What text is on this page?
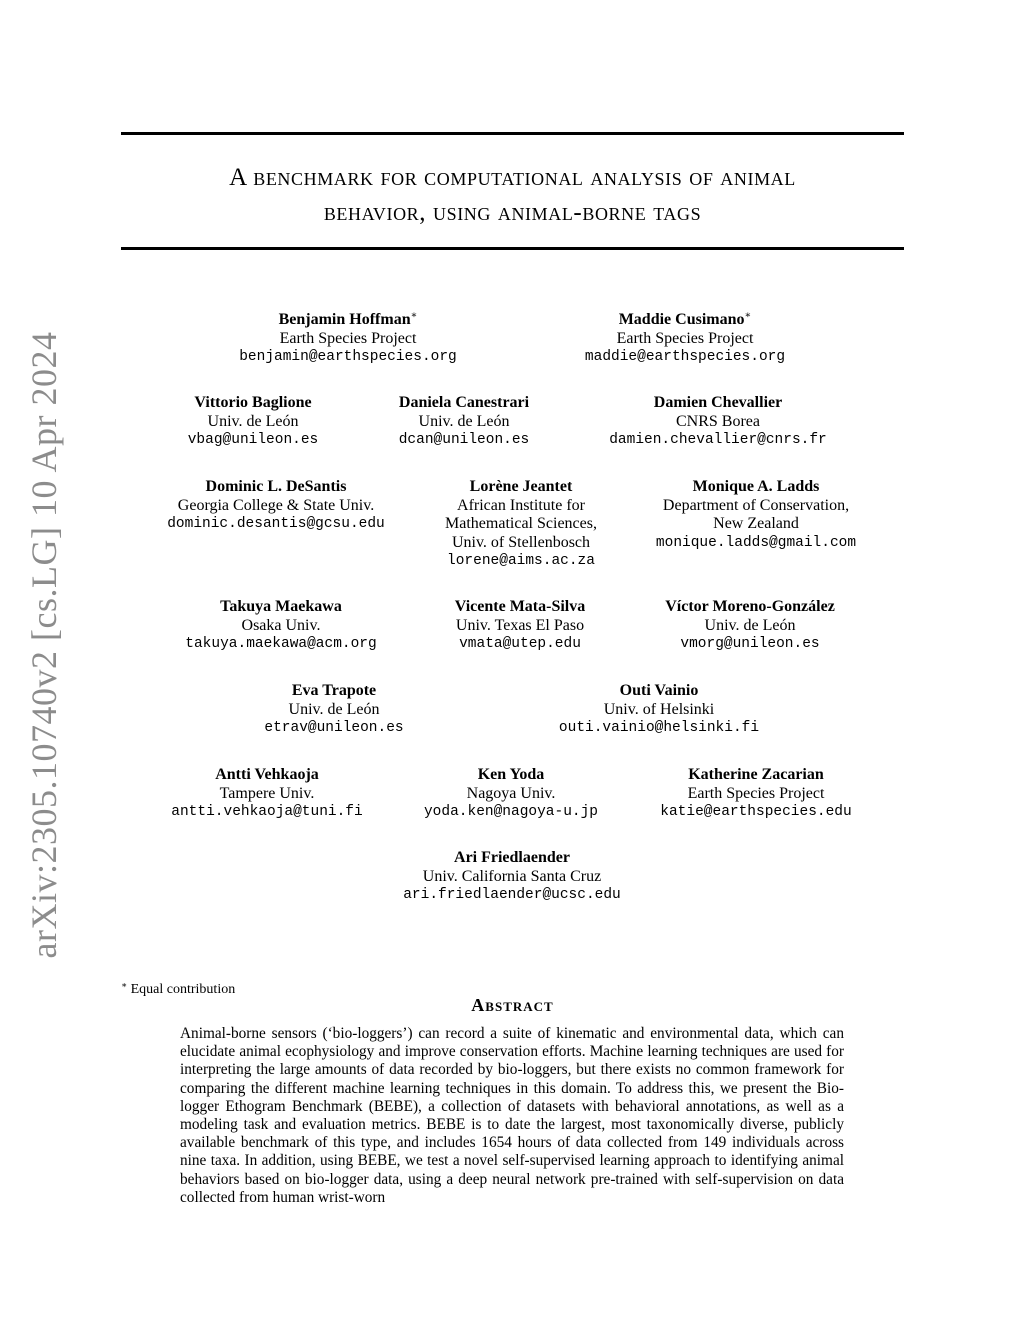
arXiv:2305.10740v2 [cs.LG] 10 Apr 2024
A benchmark for computational analysis of animal
behavior, using animal-borne tags
Benjamin Hoffman∗
Earth Species Project
benjamin@earthspecies.org
Maddie Cusimano∗
Earth Species Project
maddie@earthspecies.org
Vittorio Baglione
Univ. de León
vbag@unileon.es
Daniela Canestrari
Univ. de León
dcan@unileon.es
Damien Chevallier
CNRS Borea
damien.chevallier@cnrs.fr
Dominic L. DeSantis
Georgia College & State Univ.
dominic.desantis@gcsu.edu
Lorène Jeantet
African Institute for
Mathematical Sciences,
Univ. of Stellenbosch
lorene@aims.ac.za
Monique A. Ladds
Department of Conservation,
New Zealand
monique.ladds@gmail.com
Takuya Maekawa
Osaka Univ.
takuya.maekawa@acm.org
Vicente Mata-Silva
Univ. Texas El Paso
vmata@utep.edu
Víctor Moreno-González
Univ. de León
vmorg@unileon.es
Eva Trapote
Univ. de León
etrav@unileon.es
Outi Vainio
Univ. of Helsinki
outi.vainio@helsinki.fi
Antti Vehkaoja
Tampere Univ.
antti.vehkaoja@tuni.fi
Ken Yoda
Nagoya Univ.
yoda.ken@nagoya-u.jp
Katherine Zacarian
Earth Species Project
katie@earthspecies.edu
Ari Friedlaender
Univ. California Santa Cruz
ari.friedlaender@ucsc.edu
∗ Equal contribution
Abstract
Animal-borne sensors (‘bio-loggers’) can record a suite of kinematic and environmental data, which can elucidate animal ecophysiology and improve conservation efforts. Machine learning techniques are used for interpreting the large amounts of data recorded by bio-loggers, but there exists no common framework for comparing the different machine learning techniques in this domain. To address this, we present the Bio-logger Ethogram Benchmark (BEBE), a collection of datasets with behavioral annotations, as well as a modeling task and evaluation metrics. BEBE is to date the largest, most taxonomically diverse, publicly available benchmark of this type, and includes 1654 hours of data collected from 149 individuals across nine taxa. In addition, using BEBE, we test a novel self-supervised learning approach to identifying animal behaviors based on bio-logger data, using a deep neural network pre-trained with self-supervision on data collected from human wrist-worn
